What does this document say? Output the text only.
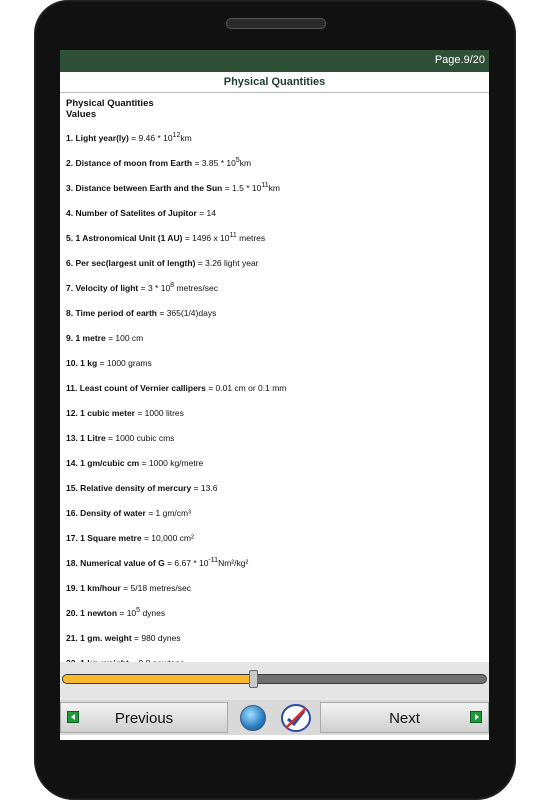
Page.9/20
Physical Quantities
Physical Quantities
Values
1. Light year(ly) = $9.46 * 10^{12}km$
2. Distance of moon from Earth = $3.85 * 10^5km$
3. Distance between Earth and the Sun = $1.5 * 10^{11}km$
4. Number of Satelites of Jupitor = 14
5. 1 Astronomical Unit (1 AU) = 1496 x $10^{11}$ metres
6. Per sec(largest unit of length) = 3.26 light year
7. Velocity of light = $3 * 10^8$ metres/sec
8. Time period of earth = 365(1/4)days
9. 1 metre = 100 cm
10. 1 kg = 1000 grams
11. Least count of Vernier callipers = 0.01 cm or 0.1 mm
12. 1 cubic meter = 1000 litres
13. 1 Litre = 1000 cubic cms
14. 1 gm/cubic cm = 1000 kg/metre
15. Relative density of mercury = 13.6
16. Density of water = 1 gm/cm³
17. 1 Square metre = 10,000 cm²
18. Numerical value of $G = 6.67 * 10^{-11}Nm^2$/kg²
19. 1 km/hour = 5/18 metres/sec
20. 1 newton = $10^5$ dynes
21. 1 gm. weight = 980 dynes
Previous	Next
